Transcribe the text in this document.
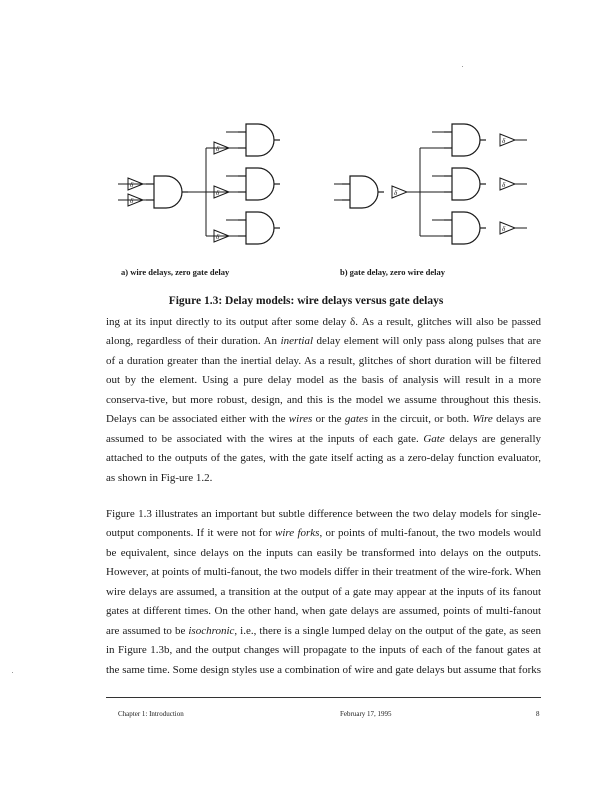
δ
δ
δ
δ
δ
δ
δ
δ
δ
a) wire delays, zero gate delay	b) gate delay, zero wire delay
Figure 1.3: Delay models: wire delays versus gate delays

ing at its input directly to its output after some delay δ. As a result, glitches will also be passed along, regardless of their duration. An inertial delay element will only pass along pulses that are of a duration greater than the inertial delay. As a result, glitches of short duration will be filtered out by the element. Using a pure delay model as the basis of analysis will result in a more conserva-tive, but more robust, design, and this is the model we assume throughout this thesis. Delays can be associated either with the wires or the gates in the circuit, or both. Wire delays are assumed to be associated with the wires at the inputs of each gate. Gate delays are generally attached to the outputs of the gates, with the gate itself acting as a zero-delay function evaluator, as shown in Fig-ure 1.2.

Figure 1.3 illustrates an important but subtle difference between the two delay models for single-output components. If it were not for wire forks, or points of multi-fanout, the two models would be equivalent, since delays on the inputs can easily be transformed into delays on the outputs. However, at points of multi-fanout, the two models differ in their treatment of the wire-fork. When wire delays are assumed, a transition at the output of a gate may appear at the inputs of its fanout gates at different times. On the other hand, when gate delays are assumed, points of multi-fanout are assumed to be isochronic, i.e., there is a single lumped delay on the output of the gate, as seen in Figure 1.3b, and the output changes will propagate to the inputs of each of the fanout gates at the same time. Some design styles use a combination of wire and gate delays but assume that forks

Chapter 1: Introduction	February 17, 1995	8
